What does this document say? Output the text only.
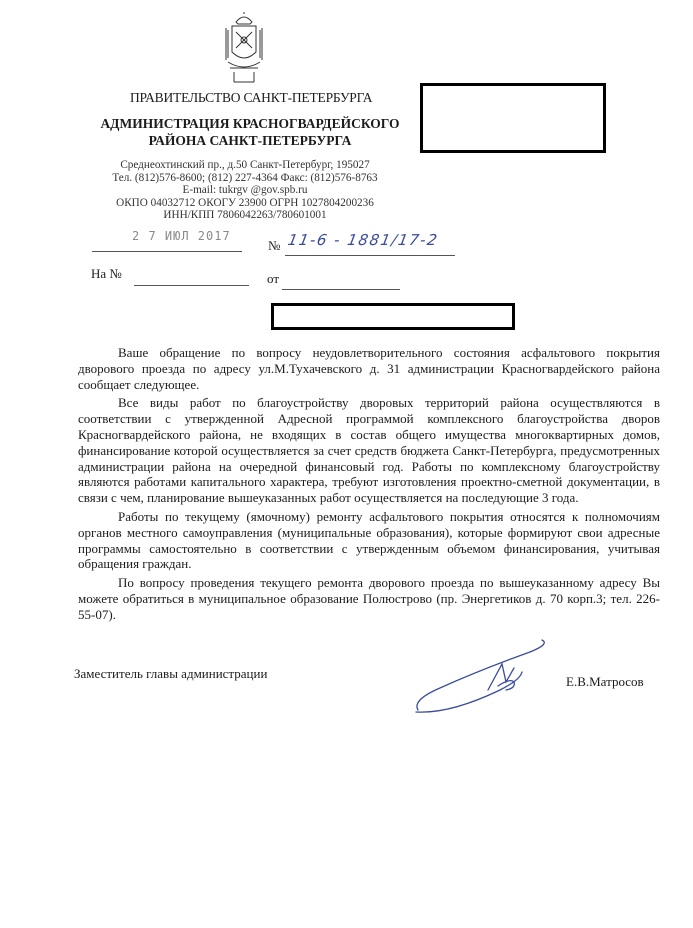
ПРАВИТЕЛЬСТВО САНКТ-ПЕТЕРБУРГА
АДМИНИСТРАЦИЯ КРАСНОГВАРДЕЙСКОГО
РАЙОНА САНКТ-ПЕТЕРБУРГА
Среднеохтинский пр., д.50 Санкт-Петербург, 195027
Тел. (812)576-8600; (812) 227-4364 Факс: (812)576-8763
E-mail: tukrgv @gov.spb.ru
ОКПО 04032712 ОКОГУ 23900 ОГРН 1027804200236
ИНН/КПП 7806042263/780601001
2 7 ИЮЛ 2017
№ 11-6 - 1881/17-2
На №	от

Ваше обращение по вопросу неудовлетворительного состояния асфальтового покрытия дворового проезда по адресу ул.М.Тухачевского д. 31 администрации Красногвардейского района сообщает следующее.

Все виды работ по благоустройству дворовых территорий района осуществляются в соответствии с утвержденной Адресной программой комплексного благоустройства дворов Красногвардейского района, не входящих в состав общего имущества многоквартирных домов, финансирование которой осуществляется за счет средств бюджета Санкт-Петербурга, предусмотренных администрации района на очередной финансовый год. Работы по комплексному благоустройству являются работами капитального характера, требуют изготовления проектно-сметной документации, в связи с чем, планирование вышеуказанных работ осуществляется на последующие 3 года.

Работы по текущему (ямочному) ремонту асфальтового покрытия относятся к полномочиям органов местного самоуправления (муниципальные образования), которые формируют свои адресные программы самостоятельно в соответствии с утвержденным объемом финансирования, учитывая обращения граждан.

По вопросу проведения текущего ремонта дворового проезда по вышеуказанному адресу Вы можете обратиться в муниципальное образование Полюстрово (пр. Энергетиков д. 70 корп.3; тел. 226-55-07).

Заместитель главы администрации
Е.В.Матросов
